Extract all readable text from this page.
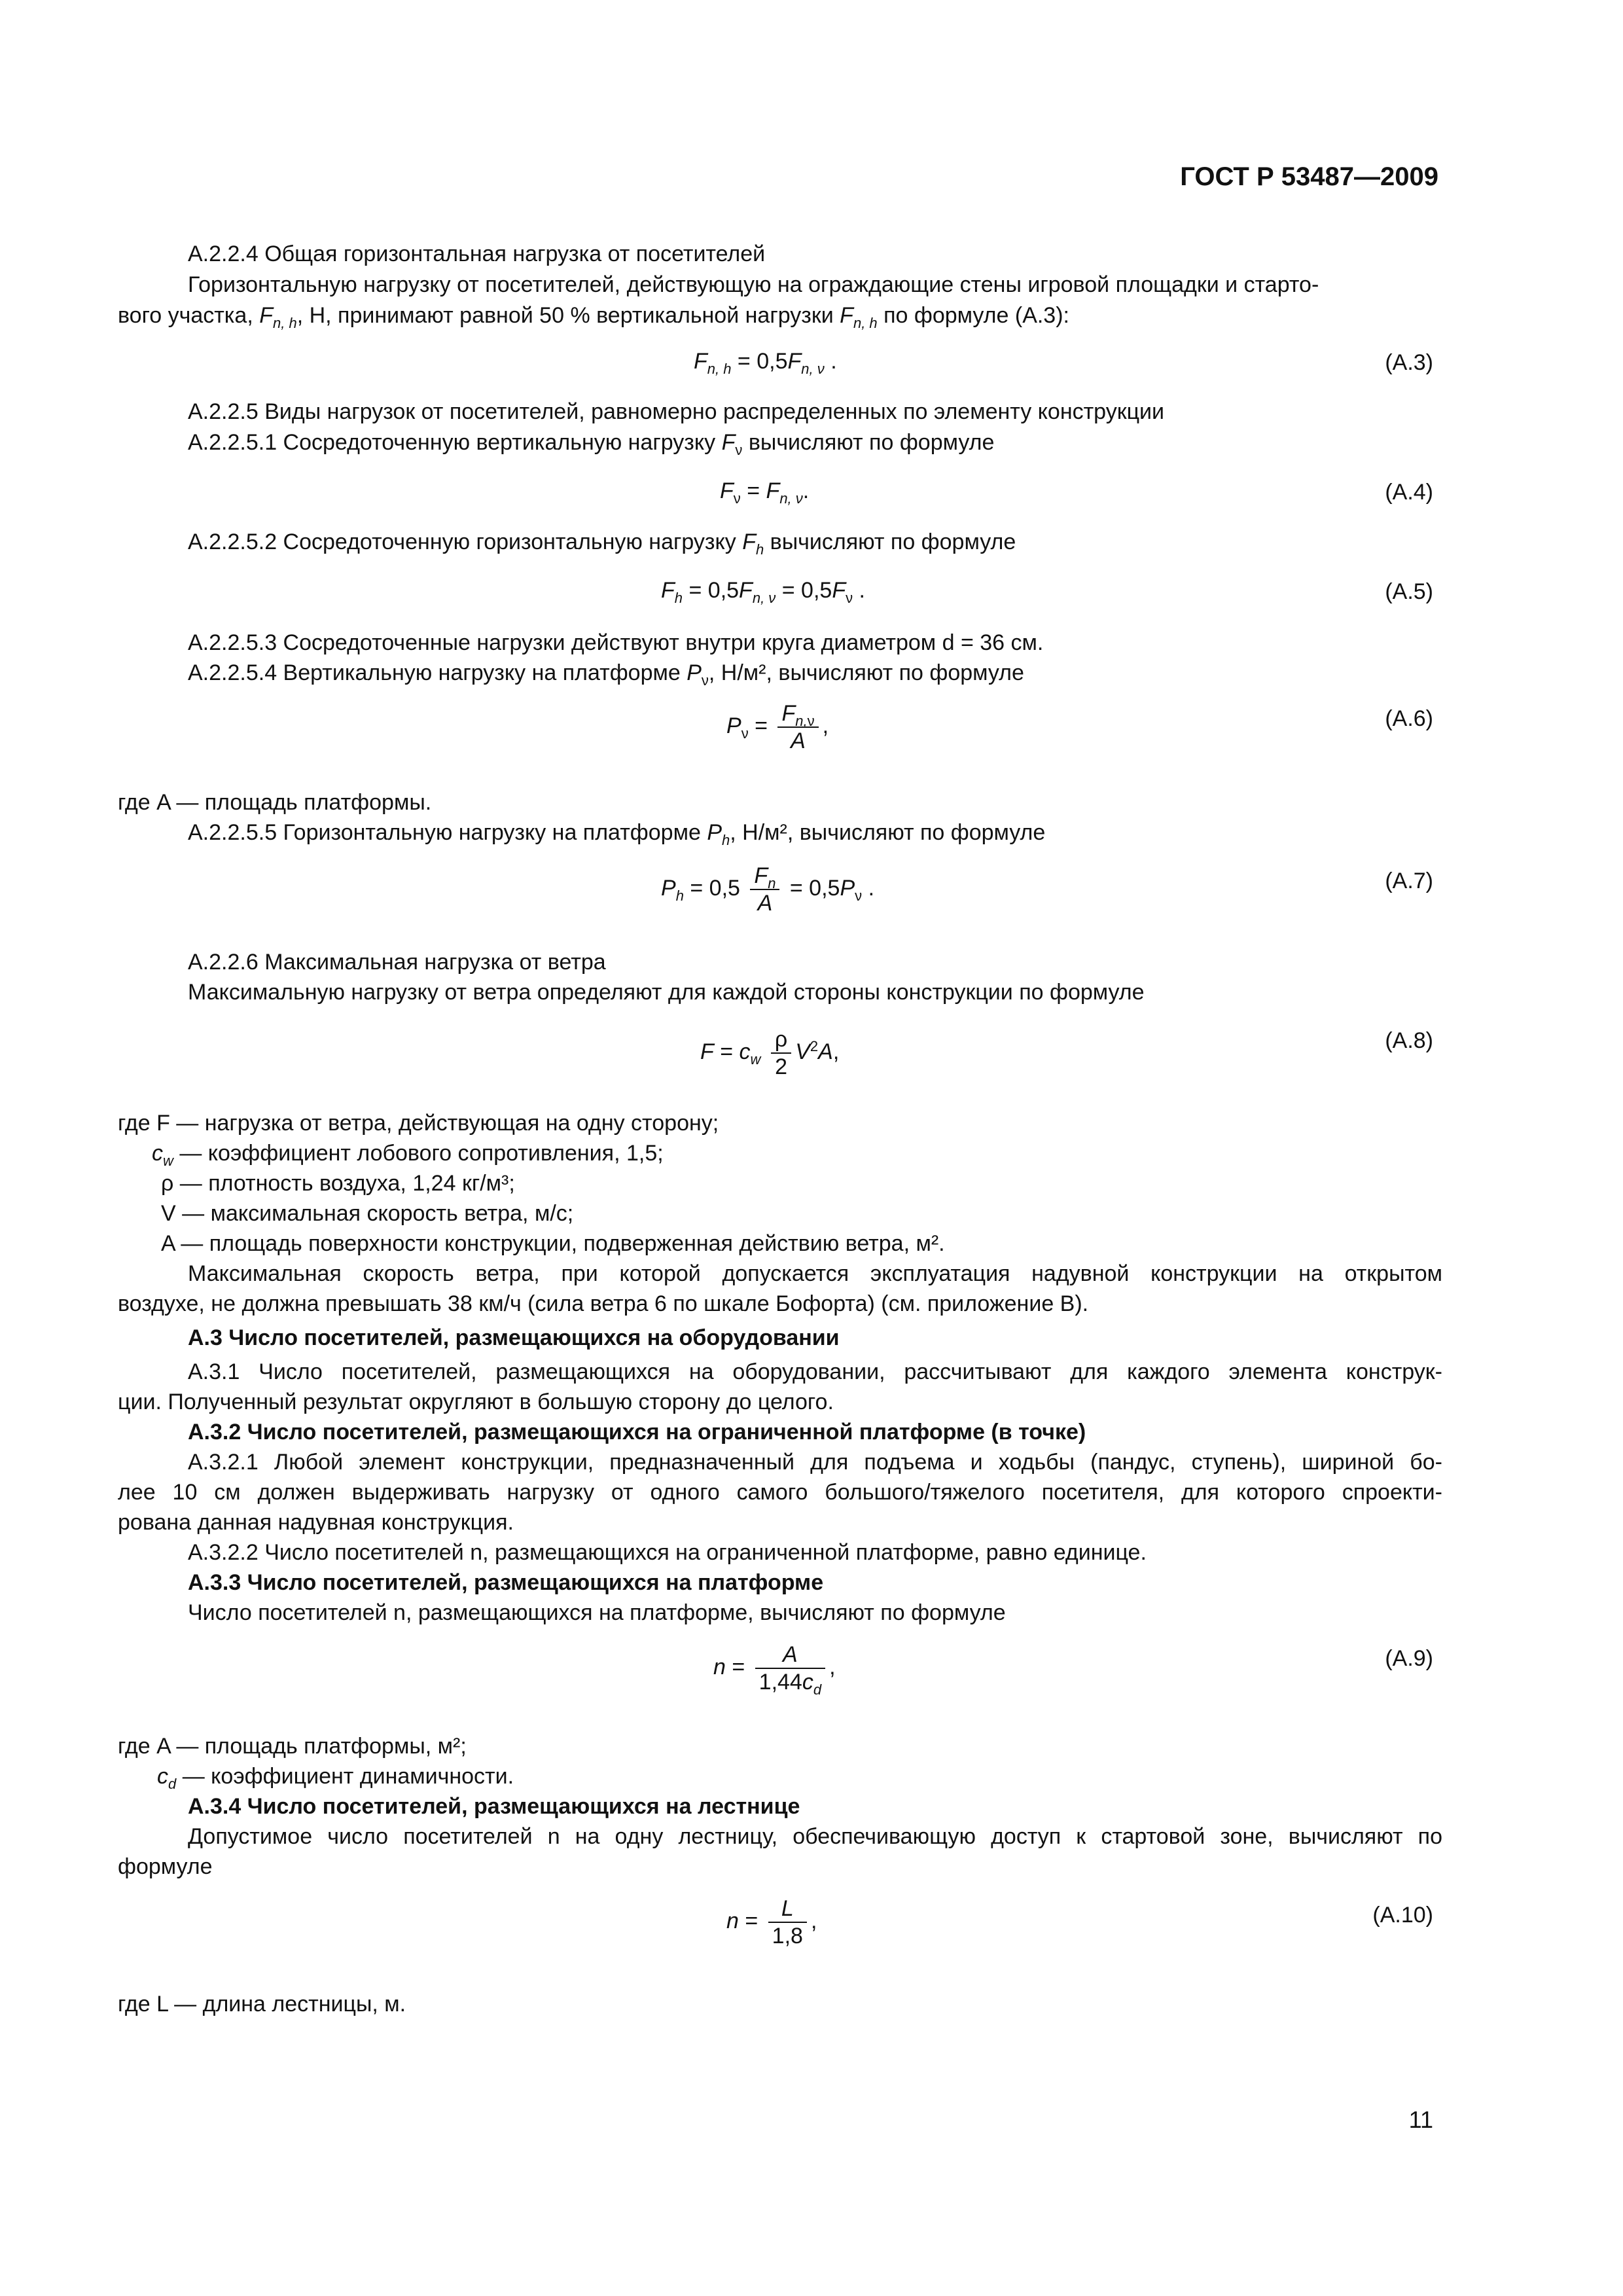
ГОСТ Р 53487—2009
А.2.2.4 Общая горизонтальная нагрузка от посетителей
Горизонтальную нагрузку от посетителей, действующую на ограждающие стены игровой площадки и старто-
вого участка, $F_{n, h}$, Н, принимают равной 50 % вертикальной нагрузки $F_{n, h}$ по формуле (А.3):
$F_{n, h} = 0,5F_{n, \nu}$ .	(А.3)
А.2.2.5 Виды нагрузок от посетителей, равномерно распределенных по элементу конструкции
А.2.2.5.1 Сосредоточенную вертикальную нагрузку $F_\nu$ вычисляют по формуле
$F_\nu = F_{n, \nu}$.	(А.4)
А.2.2.5.2 Сосредоточенную горизонтальную нагрузку $F_h$ вычисляют по формуле
$F_h = 0,5F_{n, \nu} = 0,5F_\nu$ .	(А.5)
А.2.2.5.3 Сосредоточенные нагрузки действуют внутри круга диаметром d = 36 см.
А.2.2.5.4 Вертикальную нагрузку на платформе $P_\nu$, Н/м², вычисляют по формуле
$P_\nu = \frac{F_{n,\nu}}{A}$ ,	(А.6)
где A — площадь платформы.
А.2.2.5.5 Горизонтальную нагрузку на платформе $P_h$, Н/м², вычисляют по формуле
$P_h = 0,5 \frac{F_n}{A} = 0,5P_\nu$ .	(А.7)
А.2.2.6 Максимальная нагрузка от ветра
Максимальную нагрузку от ветра определяют для каждой стороны конструкции по формуле
$F = c_w \frac{\rho}{2} V^2A$,	(А.8)
где F — нагрузка от ветра, действующая на одну сторону;
$c_w$ — коэффициент лобового сопротивления, 1,5;
ρ — плотность воздуха, 1,24 кг/м³;
V — максимальная скорость ветра, м/с;
A — площадь поверхности конструкции, подверженная действию ветра, м².
Максимальная скорость ветра, при которой допускается эксплуатация надувной конструкции на открытом
воздухе, не должна превышать 38 км/ч (сила ветра 6 по шкале Бофорта) (см. приложение В).
А.3 Число посетителей, размещающихся на оборудовании
А.3.1 Число посетителей, размещающихся на оборудовании, рассчитывают для каждого элемента конструк-
ции. Полученный результат округляют в большую сторону до целого.
А.3.2 Число посетителей, размещающихся на ограниченной платформе (в точке)
А.3.2.1 Любой элемент конструкции, предназначенный для подъема и ходьбы (пандус, ступень), шириной бо-
лее 10 см должен выдерживать нагрузку от одного самого большого/тяжелого посетителя, для которого спроекти-
рована данная надувная конструкция.
А.3.2.2 Число посетителей n, размещающихся на ограниченной платформе, равно единице.
А.3.3 Число посетителей, размещающихся на платформе
Число посетителей n, размещающихся на платформе, вычисляют по формуле
$n = \frac{A}{1,44c_d}$ ,	(А.9)
где A — площадь платформы, м²;
$c_d$ — коэффициент динамичности.
А.3.4 Число посетителей, размещающихся на лестнице
Допустимое число посетителей n на одну лестницу, обеспечивающую доступ к стартовой зоне, вычисляют по
формуле
$n = \frac{L}{1,8}$ ,	(А.10)
где L — длина лестницы, м.
11
